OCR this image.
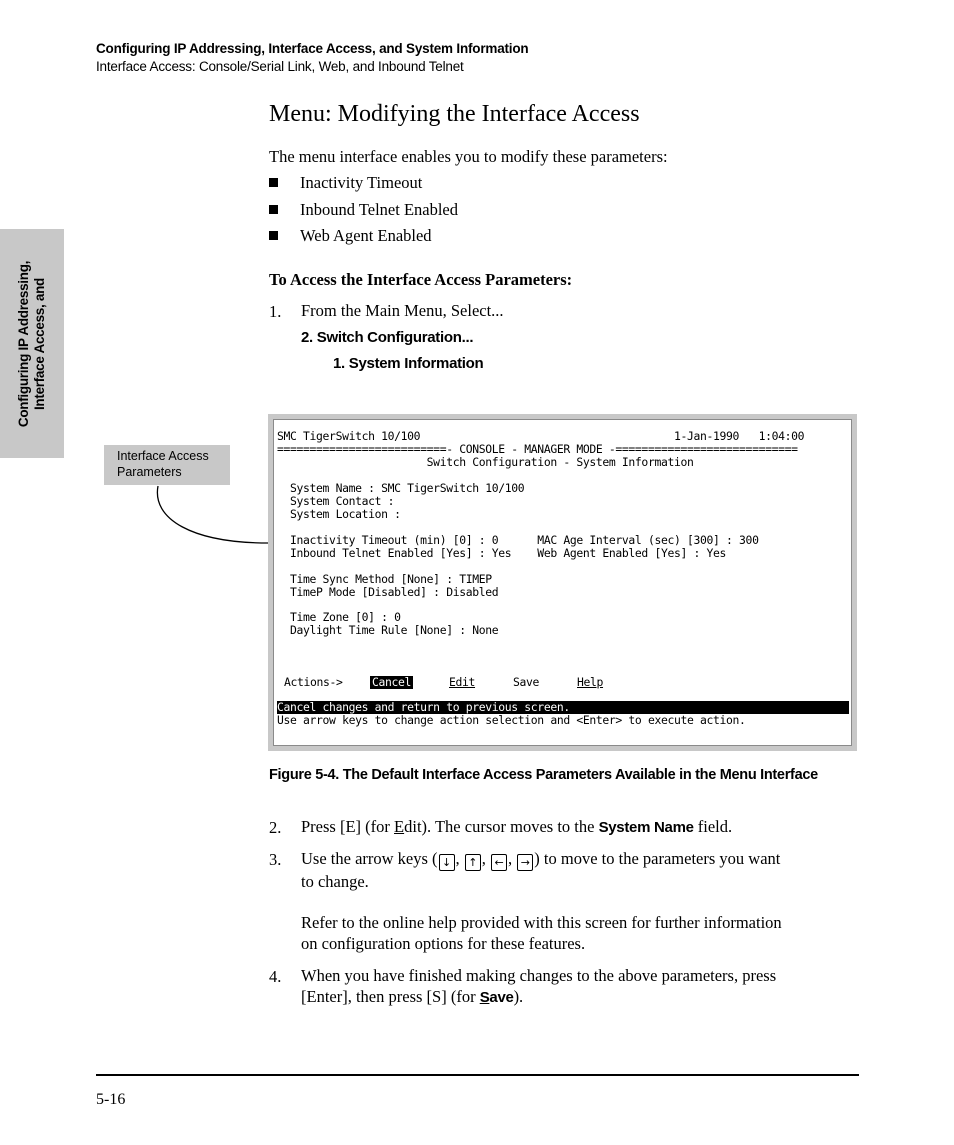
Configuring IP Addressing, Interface Access, and System Information
Interface Access: Console/Serial Link, Web, and Inbound Telnet
Configuring IP Addressing, Interface Access, and
Menu: Modifying the Interface Access
The menu interface enables you to modify these parameters:
Inactivity Timeout
Inbound Telnet Enabled
Web Agent Enabled
To Access the Interface Access Parameters:
1. From the Main Menu, Select...
2. Switch Configuration...
1. System Information
Interface Access
Parameters
SMC TigerSwitch 10/100                                       1-Jan-1990   1:04:00
==========================- CONSOLE - MANAGER MODE -============================
Switch Configuration - System Information
System Name : SMC TigerSwitch 10/100
System Contact :
System Location :
Inactivity Timeout (min) [0] : 0      MAC Age Interval (sec) [300] : 300
Inbound Telnet Enabled [Yes] : Yes    Web Agent Enabled [Yes] : Yes
Time Sync Method [None] : TIMEP
TimeP Mode [Disabled] : Disabled
Time Zone [0] : 0
Daylight Time Rule [None] : None
Actions->	Cancel	Edit	Save	Help
Cancel changes and return to previous screen.
Use arrow keys to change action selection and <Enter> to execute action.
Figure 5-4. The Default Interface Access Parameters Available in the Menu Interface
2. Press [E] (for Edit). The cursor moves to the System Name field.
3. Use the arrow keys ( ↓ , ↑ , ← , → ) to move to the parameters you want
to change.
Refer to the online help provided with this screen for further information
on configuration options for these features.
4. When you have finished making changes to the above parameters, press
[Enter], then press [S] (for Save).
5-16
